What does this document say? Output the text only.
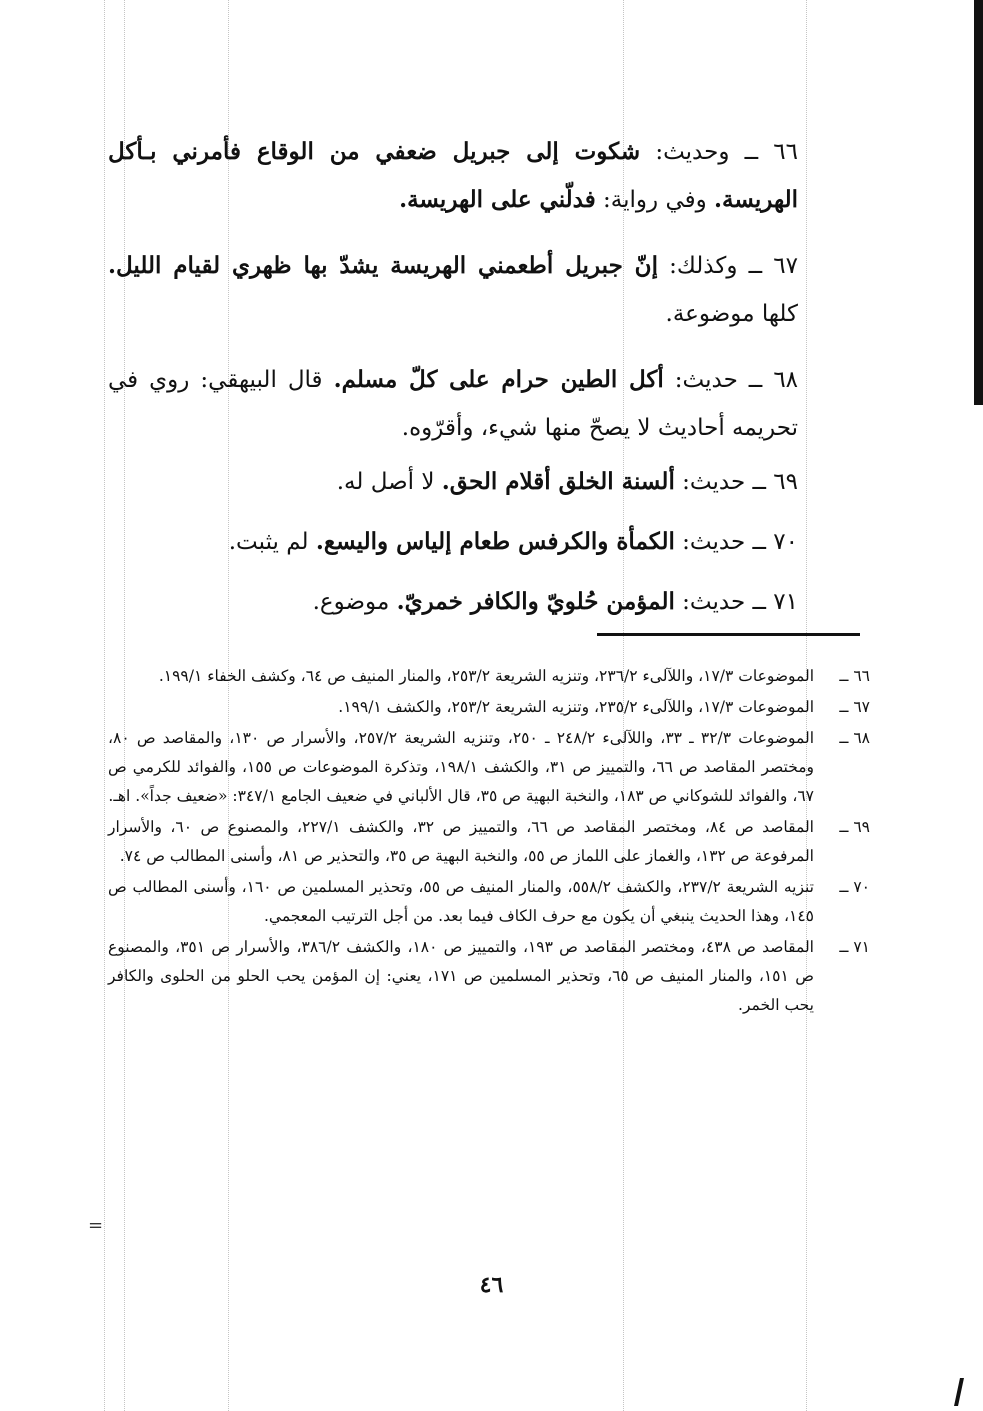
=

٦٦ ــ وحديث: شكوت إلى جبريل ضعفي من الوقاع فأمرني بـأكل الهريسة. وفي رواية: فدلّني على الهريسة.

٦٧ ــ وكذلك: إنّ جبريل أطعمني الهريسة يشدّ بها ظهري لقيام الليل. كلها موضوعة.

٦٨ ــ حديث: أكل الطين حرام على كلّ مسلم. قال البيهقي: روي في تحريمه أحاديث لا يصحّ منها شيء، وأقرّوه.

٦٩ ــ حديث: ألسنة الخلق أقلام الحق. لا أصل له.

٧٠ ــ حديث: الكمأة والكرفس طعام إلياس واليسع. لم يثبت.

٧١ ــ حديث: المؤمن حُلويّ والكافر خمريّ. موضوع.

٦٦ ــ
الموضوعات ١٧/٣، واللآلىء ٢٣٦/٢، وتنزيه الشريعة ٢٥٣/٢، والمنار المنيف ص ٦٤، وكشف الخفاء ١٩٩/١.
٦٧ ــ
الموضوعات ١٧/٣، واللآلىء ٢٣٥/٢، وتنزيه الشريعة ٢٥٣/٢، والكشف ١٩٩/١.
٦٨ ــ
الموضوعات ٣٢/٣ ـ ٣٣، واللآلىء ٢٤٨/٢ ـ ٢٥٠، وتنزيه الشريعة ٢٥٧/٢، والأسرار ص ١٣٠، والمقاصد ص ٨٠، ومختصر المقاصد ص ٦٦، والتمييز ص ٣١، والكشف ١٩٨/١، وتذكرة الموضوعات ص ١٥٥، والفوائد للكرمي ص ٦٧، والفوائد للشوكاني ص ١٨٣، والنخبة البهية ص ٣٥، قال الألباني في ضعيف الجامع ٣٤٧/١: «ضعيف جداً». اهـ.
٦٩ ــ
المقاصد ص ٨٤، ومختصر المقاصد ص ٦٦، والتمييز ص ٣٢، والكشف ٢٢٧/١، والمصنوع ص ٦٠، والأسرار المرفوعة ص ١٣٢، والغماز على اللماز ص ٥٥، والنخبة البهية ص ٣٥، والتحذير ص ٨١، وأسنى المطالب ص ٧٤.
٧٠ ــ
تنزيه الشريعة ٢٣٧/٢، والكشف ٥٥٨/٢، والمنار المنيف ص ٥٥، وتحذير المسلمين ص ١٦٠، وأسنى المطالب ص ١٤٥، وهذا الحديث ينبغي أن يكون مع حرف الكاف فيما بعد. من أجل الترتيب المعجمي.
٧١ ــ
المقاصد ص ٤٣٨، ومختصر المقاصد ص ١٩٣، والتمييز ص ١٨٠، والكشف ٣٨٦/٢، والأسرار ص ٣٥١، والمصنوع ص ١٥١، والمنار المنيف ص ٦٥، وتحذير المسلمين ص ١٧١، يعني: إن المؤمن يحب الحلو من الحلوى والكافر يحب الخمر.
٤٦
